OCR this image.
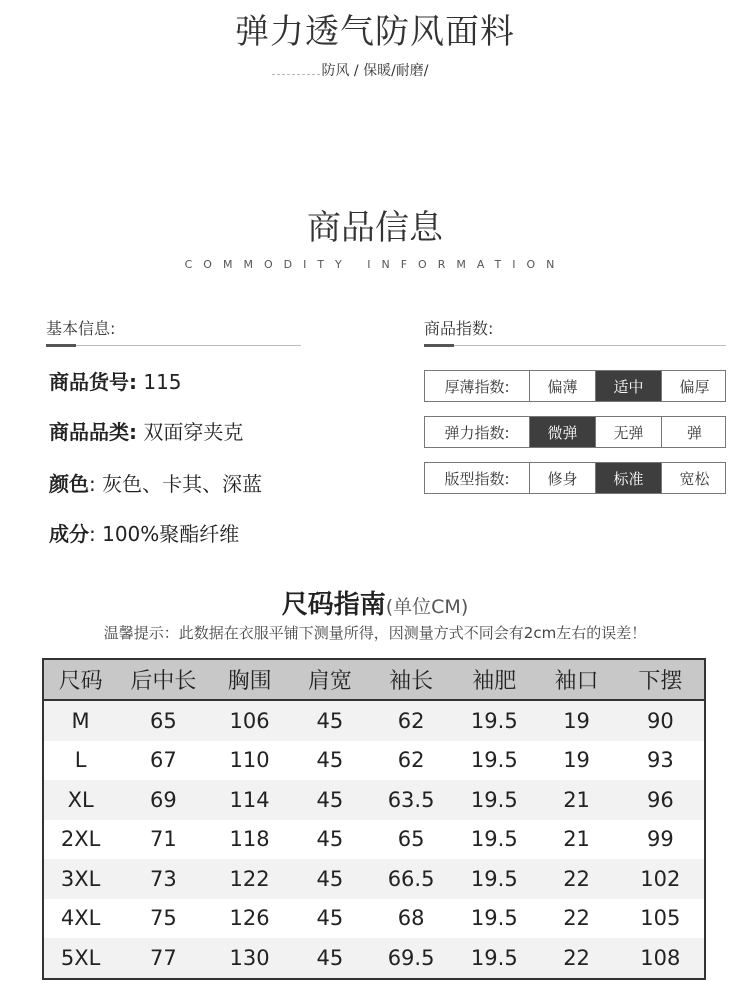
弹力透气防风面料
防风 / 保暖/耐磨/
商品信息
COMMODITY INFORMATION
基本信息:
商品货号: 115
商品品类: 双面穿夹克
颜色: 灰色、卡其、深蓝
成分: 100%聚酯纤维
商品指数:
厚薄指数:	偏薄	适中	偏厚
弹力指数:	微弹	无弹	弹
版型指数:	修身	标准	宽松
尺码指南(单位CM)
温馨提示：此数据在衣服平铺下测量所得，因测量方式不同会有2cm左右的误差！
尺码	后中长	胸围	肩宽	袖长	袖肥	袖口	下摆
M	65	106	45	62	19.5	19	90
L	67	110	45	62	19.5	19	93
XL	69	114	45	63.5	19.5	21	96
2XL	71	118	45	65	19.5	21	99
3XL	73	122	45	66.5	19.5	22	102
4XL	75	126	45	68	19.5	22	105
5XL	77	130	45	69.5	19.5	22	108
